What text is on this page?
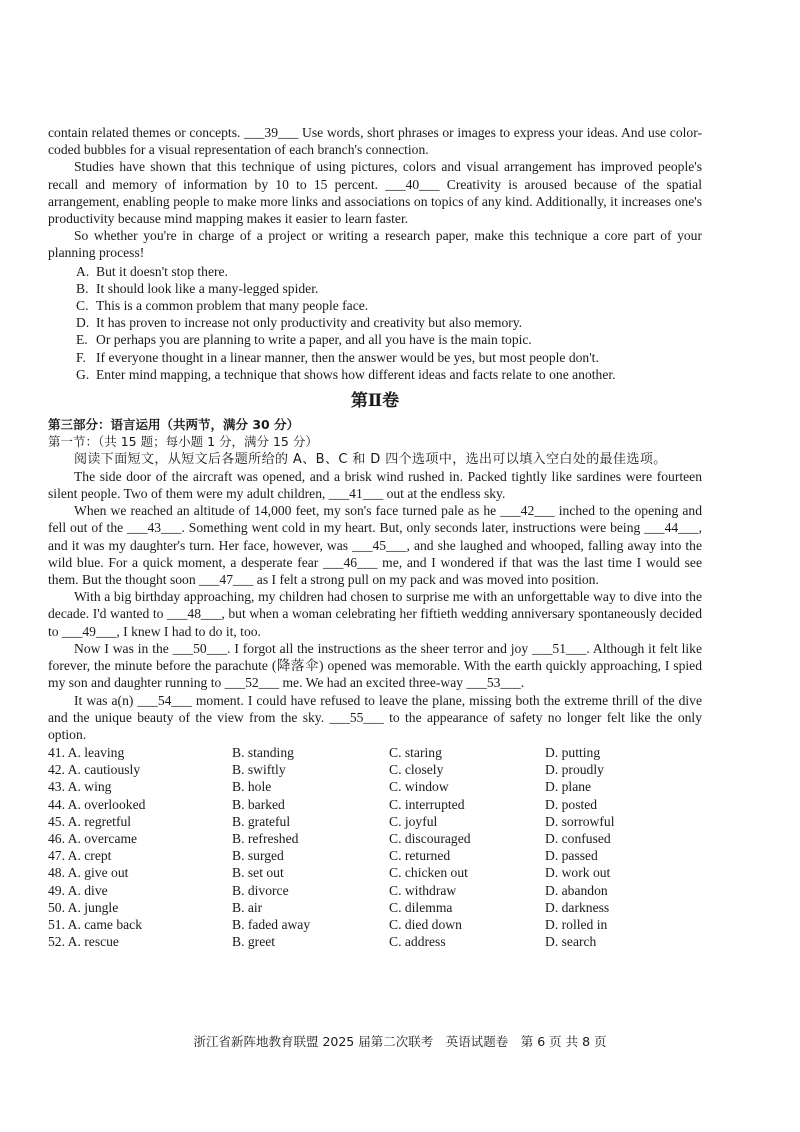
contain related themes or concepts. ___39___ Use words, short phrases or images to express your ideas. And use color-coded bubbles for a visual representation of each branch's connection.

Studies have shown that this technique of using pictures, colors and visual arrangement has improved people's recall and memory of information by 10 to 15 percent. ___40___ Creativity is aroused because of the spatial arrangement, enabling people to make more links and associations on topics of any kind. Additionally, it increases one's productivity because mind mapping makes it easier to learn faster.

So whether you're in charge of a project or writing a research paper, make this technique a core part of your planning process!

A. But it doesn't stop there.

B. It should look like a many-legged spider.

C. This is a common problem that many people face.

D. It has proven to increase not only productivity and creativity but also memory.

E. Or perhaps you are planning to write a paper, and all you have is the main topic.

F. If everyone thought in a linear manner, then the answer would be yes, but most people don't.

G. Enter mind mapping, a technique that shows how different ideas and facts relate to one another.

第Ⅱ卷

第三部分：语言运用（共两节，满分 30 分）

第一节：（共 15 题；每小题 1 分，满分 15 分）

阅读下面短文，从短文后各题所给的 A、B、C 和 D 四个选项中，选出可以填入空白处的最佳选项。

The side door of the aircraft was opened, and a brisk wind rushed in. Packed tightly like sardines were fourteen silent people. Two of them were my adult children, ___41___ out at the endless sky.

When we reached an altitude of 14,000 feet, my son's face turned pale as he ___42___ inched to the opening and fell out of the ___43___. Something went cold in my heart. But, only seconds later, instructions were being ___44___, and it was my daughter's turn. Her face, however, was ___45___, and she laughed and whooped, falling away into the wild blue. For a quick moment, a desperate fear ___46___ me, and I wondered if that was the last time I would see them. But the thought soon ___47___ as I felt a strong pull on my pack and was moved into position.

With a big birthday approaching, my children had chosen to surprise me with an unforgettable way to dive into the decade. I'd wanted to ___48___, but when a woman celebrating her fiftieth wedding anniversary spontaneously decided to ___49___, I knew I had to do it, too.

Now I was in the ___50___. I forgot all the instructions as the sheer terror and joy ___51___. Although it felt like forever, the minute before the parachute (降落伞) opened was memorable. With the earth quickly approaching, I spied my son and daughter running to ___52___ me. We had an excited three-way ___53___.

It was a(n) ___54___ moment. I could have refused to leave the plane, missing both the extreme thrill of the dive and the unique beauty of the view from the sky. ___55___ to the appearance of safety no longer felt like the only option.

41. A. leaving	B. standing	C. staring	D. putting
42. A. cautiously	B. swiftly	C. closely	D. proudly
43. A. wing	B. hole	C. window	D. plane
44. A. overlooked	B. barked	C. interrupted	D. posted
45. A. regretful	B. grateful	C. joyful	D. sorrowful
46. A. overcame	B. refreshed	C. discouraged	D. confused
47. A. crept	B. surged	C. returned	D. passed
48. A. give out	B. set out	C. chicken out	D. work out
49. A. dive	B. divorce	C. withdraw	D. abandon
50. A. jungle	B. air	C. dilemma	D. darkness
51. A. came back	B. faded away	C. died down	D. rolled in
52. A. rescue	B. greet	C. address	D. search
浙江省新阵地教育联盟 2025 届第二次联考　英语试题卷　第 6 页 共 8 页
